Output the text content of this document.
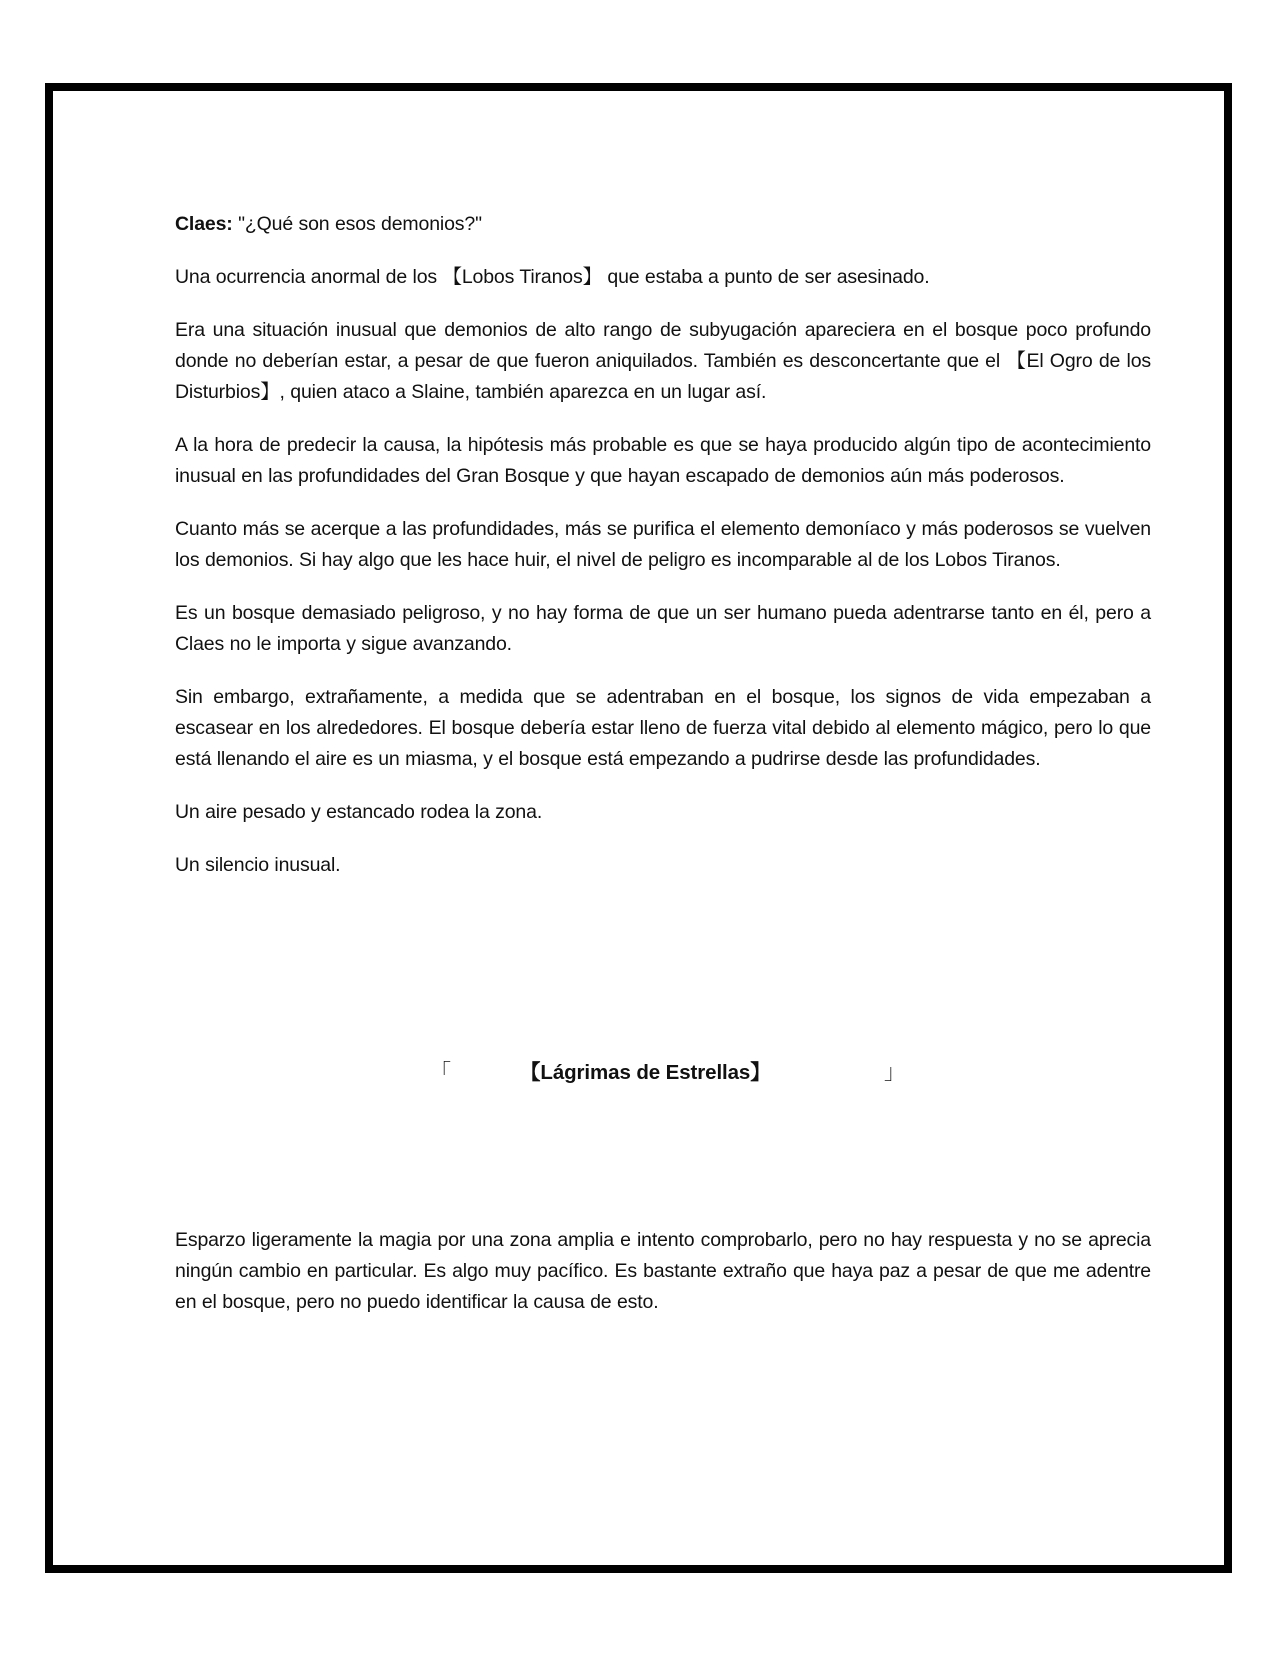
Claes: "¿Qué son esos demonios?"

Una ocurrencia anormal de los 【Lobos Tiranos】 que estaba a punto de ser asesinado.

Era una situación inusual que demonios de alto rango de subyugación apareciera en el bosque poco profundo donde no deberían estar, a pesar de que fueron aniquilados. También es desconcertante que el 【El Ogro de los Disturbios】, quien ataco a Slaine, también aparezca en un lugar así.

A la hora de predecir la causa, la hipótesis más probable es que se haya producido algún tipo de acontecimiento inusual en las profundidades del Gran Bosque y que hayan escapado de demonios aún más poderosos.

Cuanto más se acerque a las profundidades, más se purifica el elemento demoníaco y más poderosos se vuelven los demonios. Si hay algo que les hace huir, el nivel de peligro es incomparable al de los Lobos Tiranos.

Es un bosque demasiado peligroso, y no hay forma de que un ser humano pueda adentrarse tanto en él, pero a Claes no le importa y sigue avanzando.

Sin embargo, extrañamente, a medida que se adentraban en el bosque, los signos de vida empezaban a escasear en los alrededores. El bosque debería estar lleno de fuerza vital debido al elemento mágico, pero lo que está llenando el aire es un miasma, y el bosque está empezando a pudrirse desde las profundidades.

Un aire pesado y estancado rodea la zona.

Un silencio inusual.

「	【Lágrimas de Estrellas】	」

Esparzo ligeramente la magia por una zona amplia e intento comprobarlo, pero no hay respuesta y no se aprecia ningún cambio en particular. Es algo muy pacífico. Es bastante extraño que haya paz a pesar de que me adentre en el bosque, pero no puedo identificar la causa de esto.
